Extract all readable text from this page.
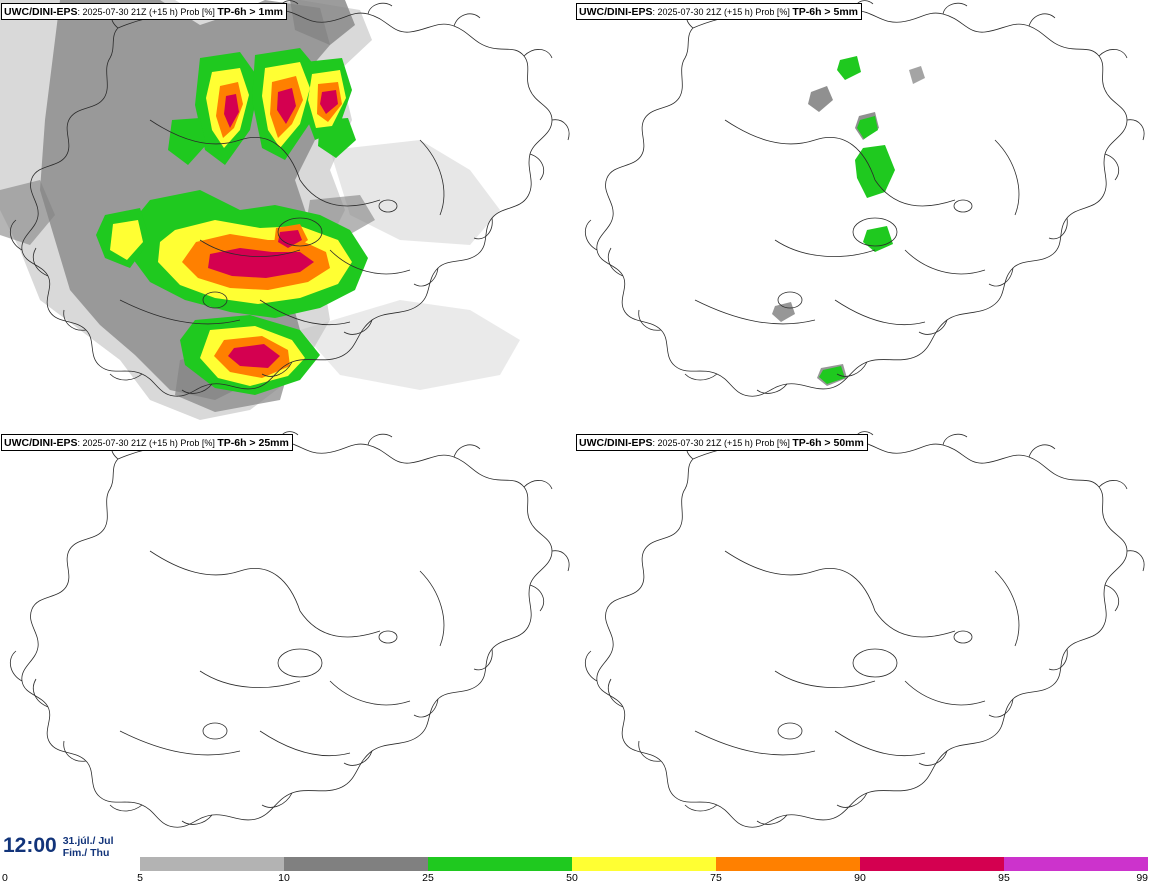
UWC/DINI-EPS: 2025-07-30 21Z (+15 h) Prob [%] TP-6h > 1mm	UWC/DINI-EPS: 2025-07-30 21Z (+15 h) Prob [%] TP-6h > 5mm
UWC/DINI-EPS: 2025-07-30 21Z (+15 h) Prob [%] TP-6h > 25mm	UWC/DINI-EPS: 2025-07-30 21Z (+15 h) Prob [%] TP-6h > 50mm
12:00 31.júl./ Jul
Fim./ Thu
0	5	10	25	50	75	90	95	99
